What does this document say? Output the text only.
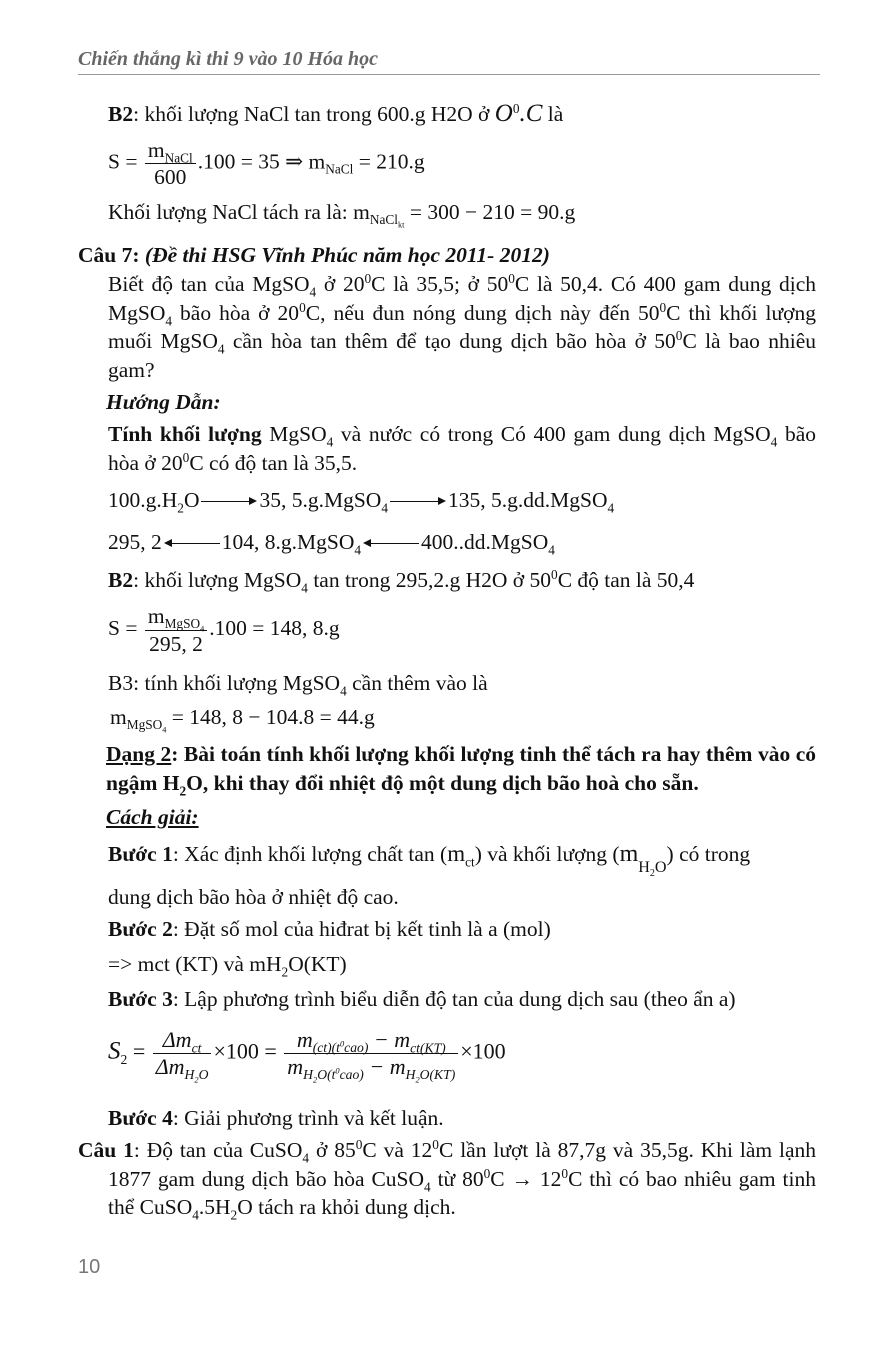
Chiến thắng kì thi 9 vào 10 Hóa học
B2: khối lượng NaCl tan trong 600.g H2O ở $O^0.C$ là
$S = \frac{m_{NaCl}}{600} .100 = 35$ ⇒ $m_{NaCl} = 210.g$
Khối lượng NaCl tách ra là: $m_{NaCl_{kt}} = 300 - 210 = 90.g$
Câu 7: (Đề thi HSG Vĩnh Phúc năm học 2011- 2012)
Biết độ tan của MgSO$_4$ ở $20^0C$ là 35,5; ở $50^0C$ là 50,4. Có 400 gam dung dịch MgSO$_4$ bão hòa ở $20^0C$, nếu đun nóng dung dịch này đến $50^0C$ thì khối lượng muối MgSO$_4$ cần hòa tan thêm để tạo dung dịch bão hòa ở $50^0C$ là bao nhiêu gam?
Hướng Dẫn:
Tính khối lượng MgSO$_4$ và nước có trong Có 400 gam dung dịch MgSO$_4$ bão hòa ở $20^0C$ có độ tan là 35,5.
$100.g.H_2O$	35, 5.g.MgSO$_4$	135, 5.g.dd.MgSO$_4$
295, 2	104, 8.g.MgSO$_4$	400..dd.MgSO$_4$
B2: khối lượng MgSO$_4$ tan trong 295,2.g H2O ở $50^0C$ độ tan là 50,4
$S = \frac{m_{MgSO_4}}{295, 2} .100 = 148$, 8.g
B3: tính khối lượng MgSO$_4$ cần thêm vào là
$m_{MgSO_4} = 148$, 8 − 104.8 = 44.g
Dạng 2: Bài toán tính khối lượng khối lượng tinh thể tách ra hay thêm vào có ngậm $H_2O$, khi thay đổi nhiệt độ một dung dịch bão hoà cho sẵn.
Cách giải:
Bước 1: Xác định khối lượng chất $\tan (m_{ct})$ và khối lượng $(m_{H_2O})$ có trong
dung dịch bão hòa ở nhiệt độ cao.
Bước 2: Đặt số mol của hiđrat bị kết tinh là a (mol)
=> mct (KT) và $mH_2O(KT)$
Bước 3: Lập phương trình biểu diễn độ tan của dung dịch sau (theo ẩn a)
$S_2 = \frac{\Delta m_{ct}}{\Delta m_{H_2O}} \times 100 = \frac{m_{(ct)(t^0cao)} - m_{ct(KT)}}{m_{H_2O(t^0cao)} - m_{H_2O(KT)}} \times 100$
Bước 4: Giải phương trình và kết luận.
Câu 1: Độ tan của CuSO$_4$ ở $85^0C$ và $12^0C$ lần lượt là 87,7g và 35,5g. Khi làm lạnh 1877 gam dung dịch bão hòa CuSO$_4$ từ $80^0C \to 12^0C$ thì có bao nhiêu gam tinh thể $CuSO_4.5H_2O$ tách ra khỏi dung dịch.
10
